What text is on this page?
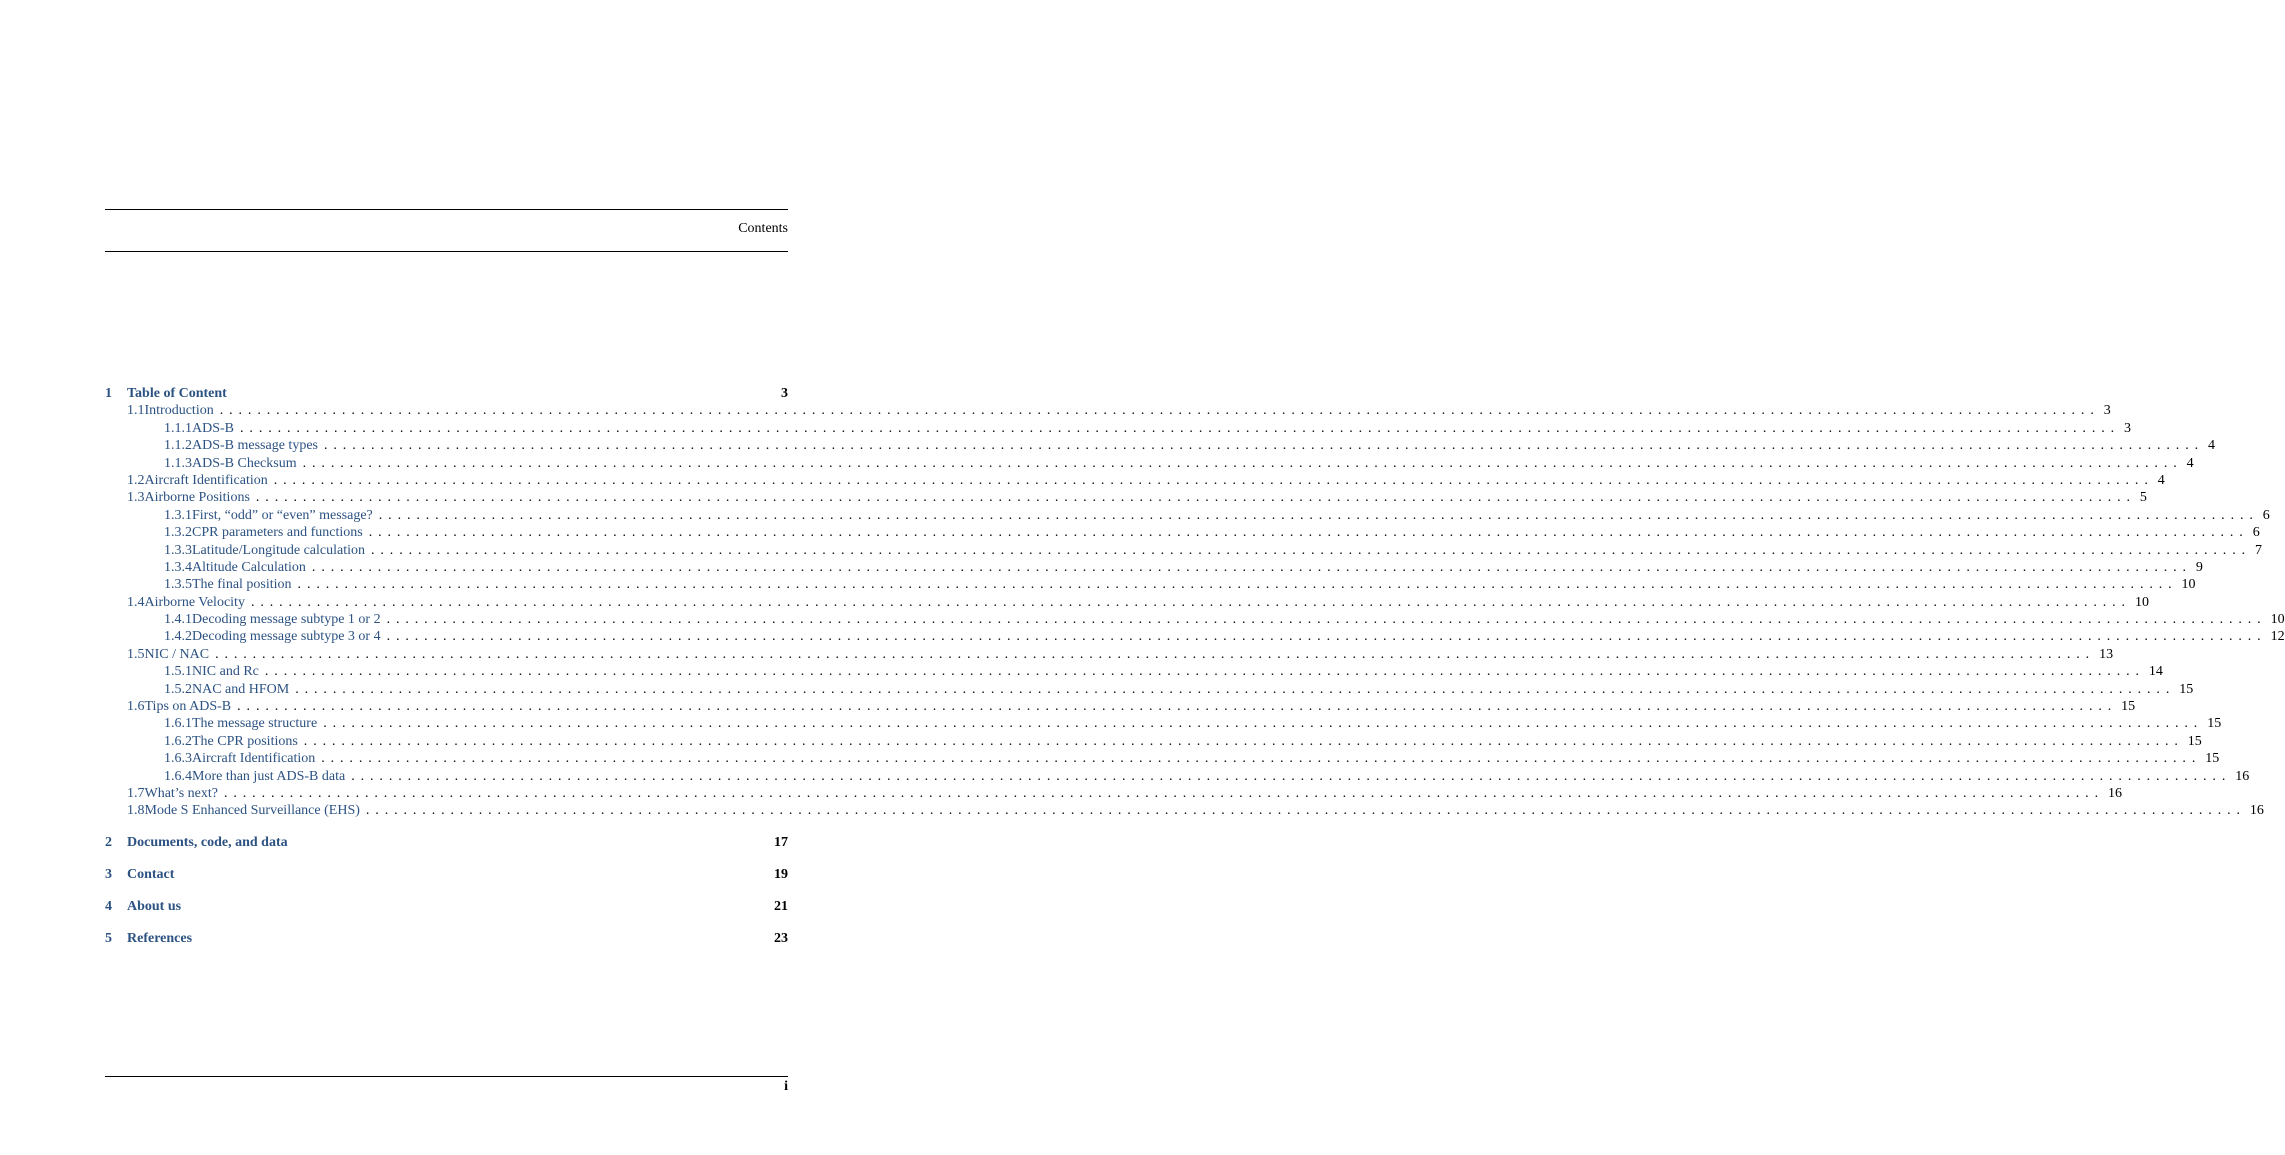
Contents
1	Table of Content	3
1.1 Introduction ........................................................................................................................................................................................................ 3
1.1.1 ADS-B ........................................................................................................................................................................................................ 3
1.1.2 ADS-B message types ........................................................................................................................................................................................................ 4
1.1.3 ADS-B Checksum ........................................................................................................................................................................................................ 4
1.2 Aircraft Identification ........................................................................................................................................................................................................ 4
1.3 Airborne Positions ........................................................................................................................................................................................................ 5
1.3.1 First, “odd” or “even” message? ........................................................................................................................................................................................................ 6
1.3.2 CPR parameters and functions ........................................................................................................................................................................................................ 6
1.3.3 Latitude/Longitude calculation ........................................................................................................................................................................................................ 7
1.3.4 Altitude Calculation ........................................................................................................................................................................................................ 9
1.3.5 The final position ........................................................................................................................................................................................................ 10
1.4 Airborne Velocity ........................................................................................................................................................................................................ 10
1.4.1 Decoding message subtype 1 or 2 ........................................................................................................................................................................................................ 10
1.4.2 Decoding message subtype 3 or 4 ........................................................................................................................................................................................................ 12
1.5 NIC / NAC ........................................................................................................................................................................................................ 13
1.5.1 NIC and Rc ........................................................................................................................................................................................................ 14
1.5.2 NAC and HFOM ........................................................................................................................................................................................................ 15
1.6 Tips on ADS-B ........................................................................................................................................................................................................ 15
1.6.1 The message structure ........................................................................................................................................................................................................ 15
1.6.2 The CPR positions ........................................................................................................................................................................................................ 15
1.6.3 Aircraft Identification ........................................................................................................................................................................................................ 15
1.6.4 More than just ADS-B data ........................................................................................................................................................................................................ 16
1.7 What’s next? ........................................................................................................................................................................................................ 16
1.8 Mode S Enhanced Surveillance (EHS) ........................................................................................................................................................................................................ 16
2	Documents, code, and data	17
3	Contact	19
4	About us	21
5	References	23
i
